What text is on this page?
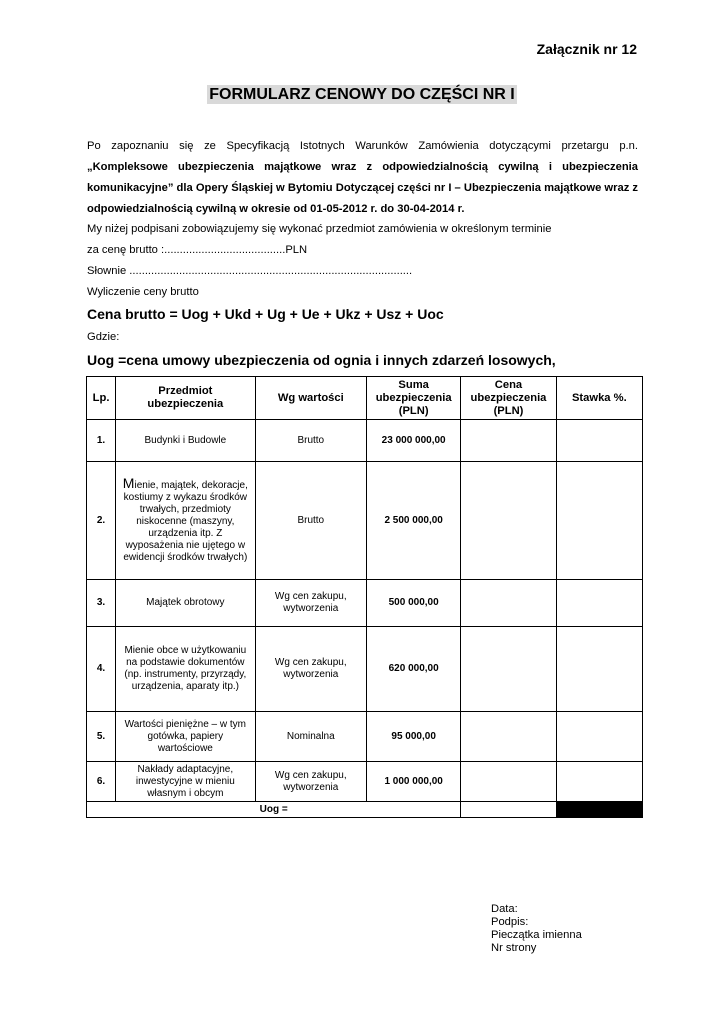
Załącznik nr 12
FORMULARZ CENOWY DO CZĘŚCI NR I
Po zapoznaniu się ze Specyfikacją Istotnych Warunków Zamówienia dotyczącymi przetargu p.n. „Kompleksowe ubezpieczenia majątkowe wraz z odpowiedzialnością cywilną i ubezpieczenia komunikacyjne” dla Opery Śląskiej w Bytomiu Dotyczącej części nr I – Ubezpieczenia majątkowe wraz z odpowiedzialnością cywilną w okresie od 01-05-2012 r. do 30-04-2014 r.
My niżej podpisani zobowiązujemy się wykonać przedmiot zamówienia w określonym terminie
za cenę brutto :.......................................PLN
Słownie ...........................................................................................
Wyliczenie ceny brutto
Cena brutto = Uog + Ukd + Ug + Ue + Ukz + Usz + Uoc
Gdzie:
Uog =cena umowy ubezpieczenia od ognia i innych zdarzeń losowych,
Lp.	Przedmiot ubezpieczenia	Wg wartości	Suma ubezpieczenia (PLN)	Cena ubezpieczenia (PLN)	Stawka %.
1.	Budynki i Budowle	Brutto	23 000 000,00		
2.	Mienie, majątek, dekoracje, kostiumy z wykazu środków trwałych, przedmioty niskocenne (maszyny, urządzenia itp. Z wyposażenia nie ujętego w ewidencji środków trwałych)	Brutto	2 500 000,00		
3.	Majątek obrotowy	Wg cen zakupu, wytworzenia	500 000,00		
4.	Mienie obce w użytkowaniu na podstawie dokumentów (np. instrumenty, przyrządy, urządzenia, aparaty itp.)	Wg cen zakupu, wytworzenia	620 000,00		
5.	Wartości pieniężne – w tym gotówka, papiery wartościowe	Nominalna	95 000,00		
6.	Nakłady adaptacyjne, inwestycyjne w mieniu własnym i obcym	Wg cen zakupu, wytworzenia	1 000 000,00		
Uog =					
Data:
Podpis:
Pieczątka imienna
Nr strony
